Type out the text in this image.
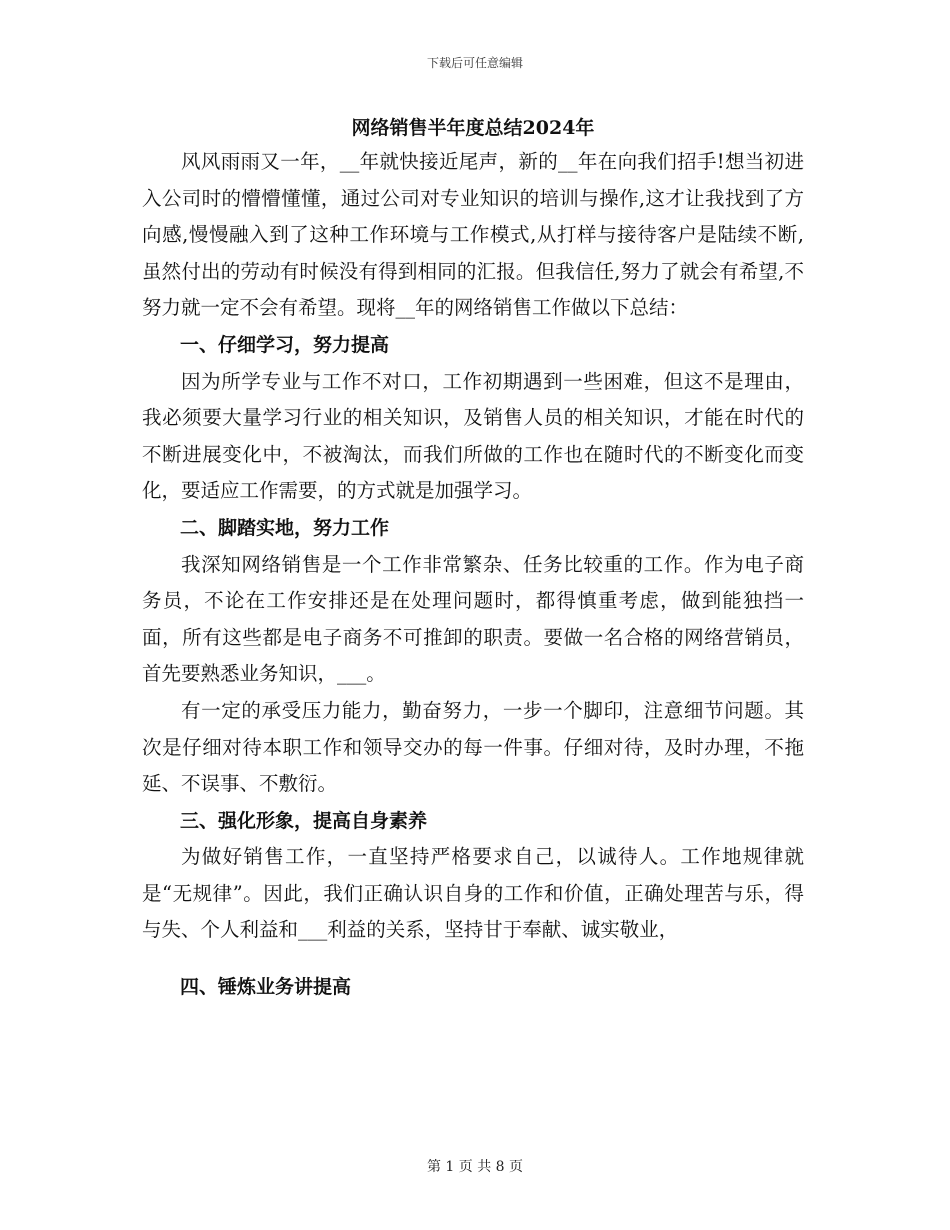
下载后可任意编辑
网络销售半年度总结2024年

风风雨雨又一年，__年就快接近尾声，新的__年在向我们招手!想当初进入公司时的懵懵懂懂，通过公司对专业知识的培训与操作,这才让我找到了方向感,慢慢融入到了这种工作环境与工作模式,从打样与接待客户是陆续不断,虽然付出的劳动有时候没有得到相同的汇报。但我信任,努力了就会有希望,不努力就一定不会有希望。现将__年的网络销售工作做以下总结：

一、仔细学习，努力提高

因为所学专业与工作不对口，工作初期遇到一些困难，但这不是理由，我必须要大量学习行业的相关知识，及销售人员的相关知识，才能在时代的不断进展变化中，不被淘汰，而我们所做的工作也在随时代的不断变化而变化，要适应工作需要，的方式就是加强学习。

二、脚踏实地，努力工作

我深知网络销售是一个工作非常繁杂、任务比较重的工作。作为电子商务员，不论在工作安排还是在处理问题时，都得慎重考虑，做到能独挡一面，所有这些都是电子商务不可推卸的职责。要做一名合格的网络营销员，首先要熟悉业务知识，___。

有一定的承受压力能力，勤奋努力，一步一个脚印，注意细节问题。其次是仔细对待本职工作和领导交办的每一件事。仔细对待，及时办理，不拖延、不误事、不敷衍。

三、强化形象，提高自身素养

为做好销售工作，一直坚持严格要求自己，以诚待人。工作地规律就是“无规律”。因此，我们正确认识自身的工作和价值，正确处理苦与乐，得与失、个人利益和___利益的关系，坚持甘于奉献、诚实敬业，

四、锤炼业务讲提高

第 1 页 共 8 页
